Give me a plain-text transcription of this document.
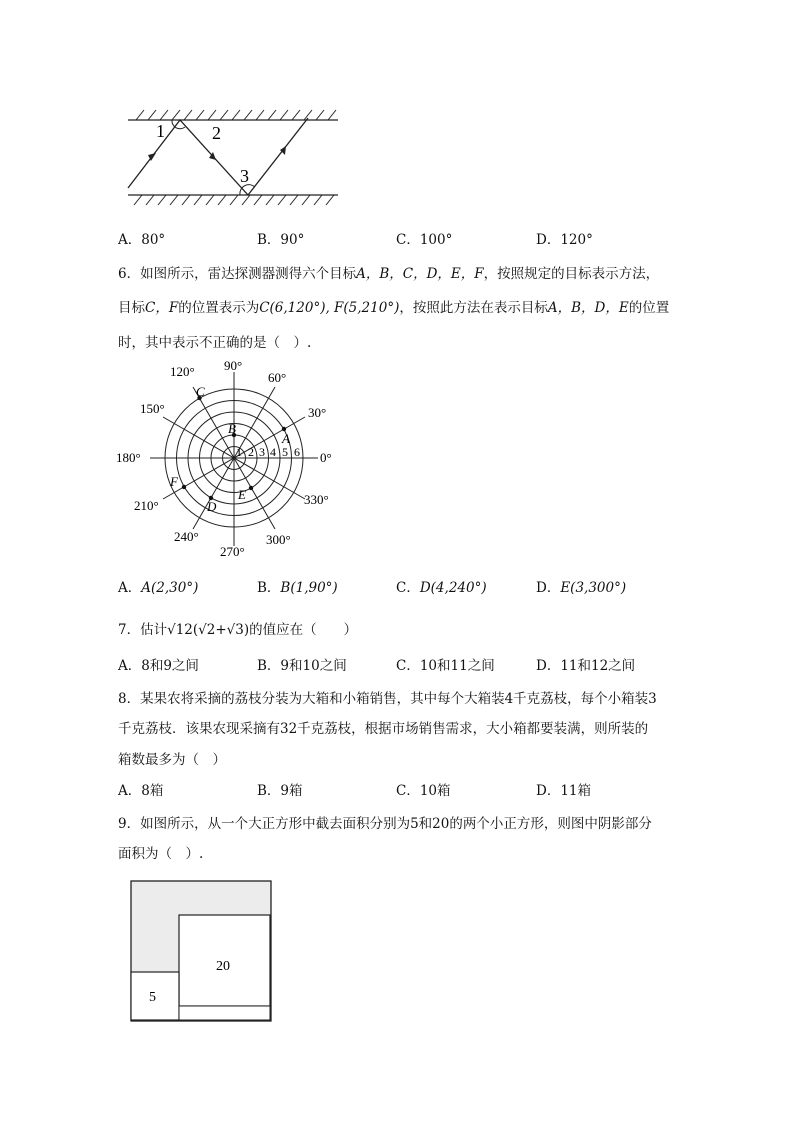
1	2
3
A．80°	B．90°	C．100°	D．120°
6．如图所示，雷达探测器测得六个目标A，B，C，D，E，F，按照规定的目标表示方法，
目标C，F的位置表示为C(6,120°), F(5,210°)，按照此方法在表示目标A，B，D，E的位置
时，其中表示不正确的是（　）.
A
B
C
D
E
F
1 2 3 4 5 6 0°
30°
60°
90°
120°
150°
180°
210°
240°
270°
300°
330°
A．A(2,30°)	B．B(1,90°)	C．D(4,240°)	D．E(3,300°)
7．估计√12(√2+√3)的值应在（　　）
A．8和9之间	B．9和10之间	C．10和11之间	D．11和12之间
8．某果农将采摘的荔枝分装为大箱和小箱销售，其中每个大箱装4千克荔枝，每个小箱装3
千克荔枝．该果农现采摘有32千克荔枝，根据市场销售需求，大小箱都要装满，则所装的
箱数最多为（　）
A．8箱	B．9箱	C．10箱	D．11箱
9．如图所示，从一个大正方形中截去面积分别为5和20的两个小正方形，则图中阴影部分
面积为（　）.
5
20
